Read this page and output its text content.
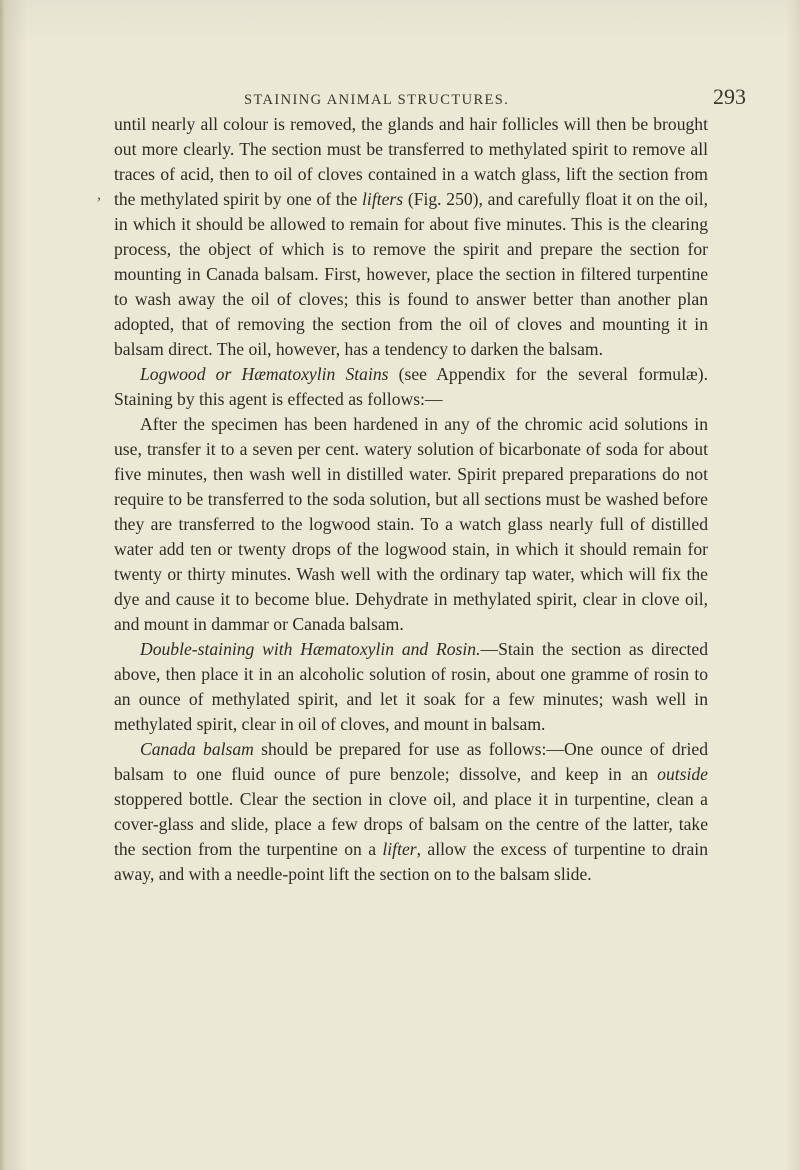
STAINING ANIMAL STRUCTURES.	293
,

until nearly all colour is removed, the glands and hair follicles will then be brought out more clearly. The section must be transferred to methylated spirit to remove all traces of acid, then to oil of cloves contained in a watch glass, lift the section from the methylated spirit by one of the lifters (Fig. 250), and carefully float it on the oil, in which it should be allowed to remain for about five minutes. This is the clearing process, the object of which is to remove the spirit and prepare the section for mounting in Canada balsam. First, however, place the section in filtered turpentine to wash away the oil of cloves; this is found to answer better than another plan adopted, that of removing the section from the oil of cloves and mounting it in balsam direct. The oil, however, has a tendency to darken the balsam.

Logwood or Hæmatoxylin Stains (see Appendix for the several formulæ). Staining by this agent is effected as follows:—

After the specimen has been hardened in any of the chromic acid solutions in use, transfer it to a seven per cent. watery solution of bicarbonate of soda for about five minutes, then wash well in distilled water. Spirit prepared preparations do not require to be transferred to the soda solution, but all sections must be washed before they are transferred to the logwood stain. To a watch glass nearly full of distilled water add ten or twenty drops of the logwood stain, in which it should remain for twenty or thirty minutes. Wash well with the ordinary tap water, which will fix the dye and cause it to become blue. Dehydrate in methylated spirit, clear in clove oil, and mount in dammar or Canada balsam.

Double-staining with Hæmatoxylin and Rosin.—Stain the section as directed above, then place it in an alcoholic solution of rosin, about one gramme of rosin to an ounce of methylated spirit, and let it soak for a few minutes; wash well in methylated spirit, clear in oil of cloves, and mount in balsam.

Canada balsam should be prepared for use as follows:—One ounce of dried balsam to one fluid ounce of pure benzole; dissolve, and keep in an outside stoppered bottle. Clear the section in clove oil, and place it in turpentine, clean a cover-glass and slide, place a few drops of balsam on the centre of the latter, take the section from the turpentine on a lifter, allow the excess of turpentine to drain away, and with a needle-point lift the section on to the balsam slide.
